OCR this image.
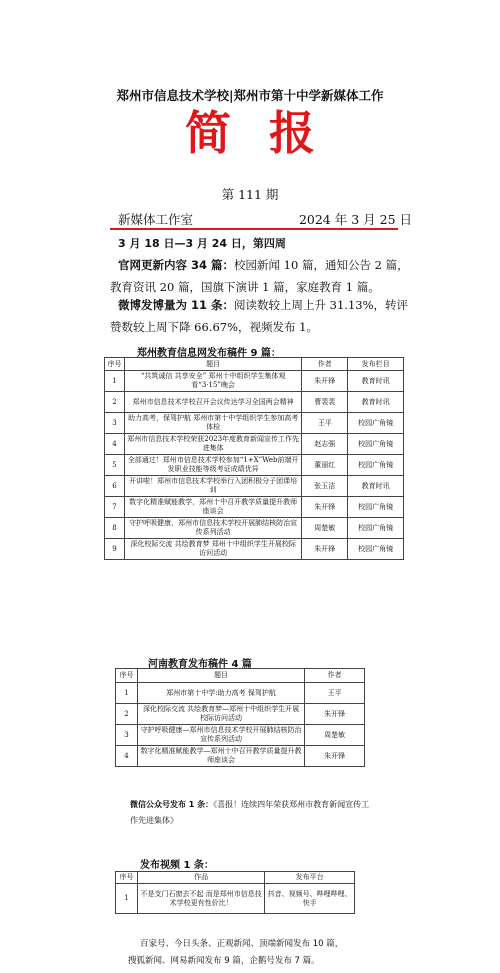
郑州市信息技术学校|郑州市第十中学新媒体工作
简报
第 111 期
新媒体工作室	2024 年 3 月 25 日
3 月 18 日—3 月 24 日，第四周
官网更新内容 34 篇：校园新闻 10 篇，通知公告 2 篇，教育资讯 20 篇，国旗下演讲 1 篇，家庭教育 1 篇。
微博发博量为 11 条：阅读数较上周上升 31.13%，转评赞数较上周下降 66.67%，视频发布 1。
郑州教育信息网发布稿件 9 篇：
序号	题目	作者	发布栏目
1	“共筑诚信 共享安全” 郑州十中组织学生集体观看“3·15”晚会	朱开锋	教育时讯
2	郑州市信息技术学校召开会议传达学习全国两会精神	曹裴裴	教育时讯
3	助力高考，保驾护航 郑州市第十中学组织学生参加高考体检	王平	校园广角镜
4	郑州市信息技术学校荣获2023年度教育新闻宣传工作先进集体	赵志强	校园广角镜
5	全部通过！郑州市信息技术学校参加“1+X”Web前端开发职业技能等级考证成绩优异	董丽红	校园广角镜
6	开讲啦！郑州市信息技术学校举行入团积极分子团课培训	张玉洁	教育时讯
7	数字化精准赋能教学，郑州十中召开教学质量提升教师座谈会	朱开锋	校园广角镜
8	守护呼吸健康，郑州市信息技术学校开展肺结核防治宣传系列活动	周楚敏	校园广角镜
9	深化校际交流 共绘教育梦 郑州十中组织学生开展校际访问活动	朱开锋	校园广角镜
河南教育发布稿件 4 篇
序号	题目	作者
1	郑州市第十中学:助力高考 保驾护航	王平
2	深化校际交流 共绘教育梦—郑州十中组织学生开展校际访问活动	朱开锋
3	守护呼吸健康—郑州市信息技术学校开展肺结核防治宣传系列活动	周楚敏
4	数字化精准赋能教学—郑州十中召开教学质量提升教师座谈会	朱开锋
微信公众号发布 1 条：《喜报！连续四年荣获郑州市教育新闻宣传工作先进集体》
发布视频 1 条：
序号	作品	发布平台
1	不是支门石窗去不起 而是郑州市信息技术学校更有性价比！	抖音、视频号、哔哩哔哩、快手
百家号、今日头条、正观新闻、顶端新闻发布 10 篇，
搜狐新闻、网易新闻发布 9 篇，企鹅号发布 7 篇。
